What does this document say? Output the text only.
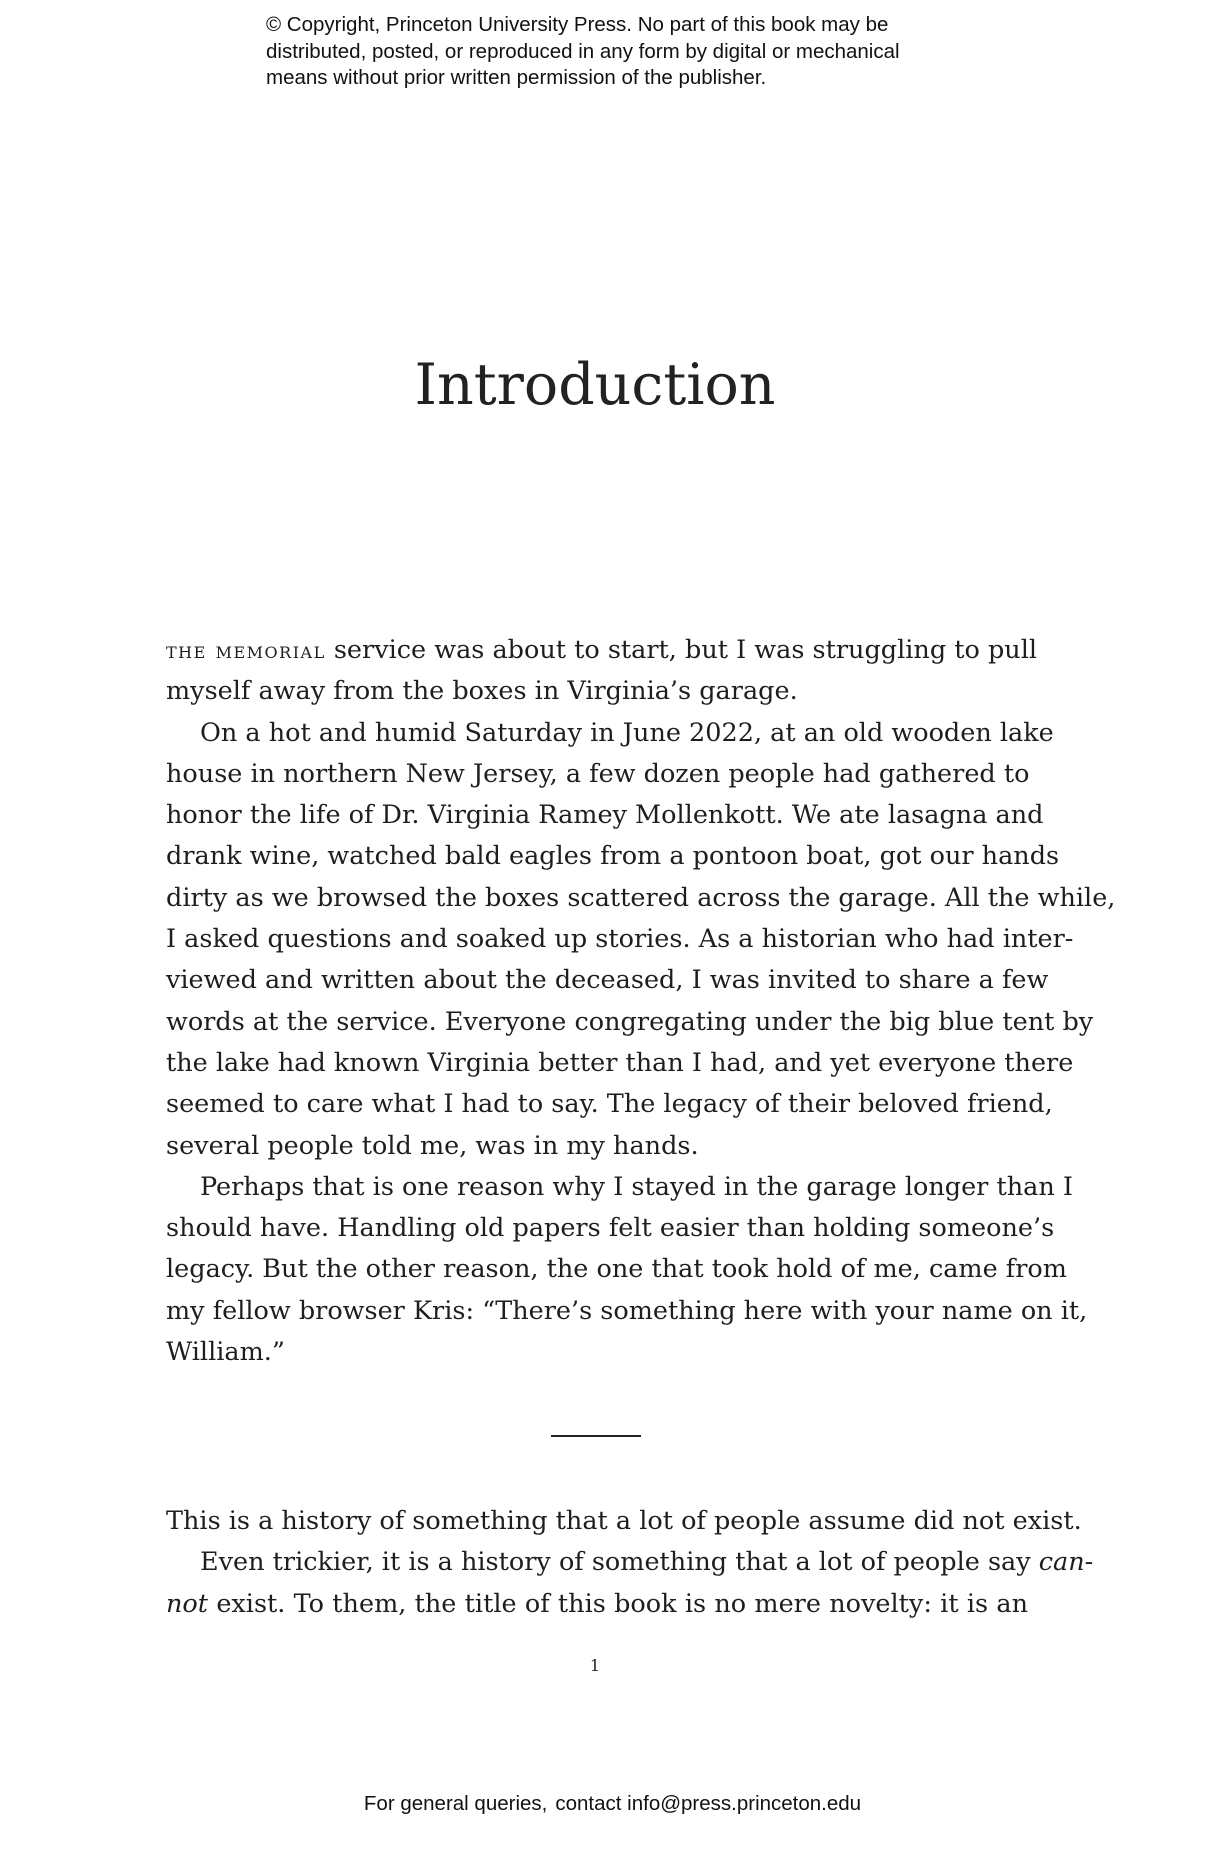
© Copyright, Princeton University Press. No part of this book may be
distributed, posted, or reproduced in any form by digital or mechanical
means without prior written permission of the publisher.
Introduction
the memorial service was about to start, but I was struggling to pull
myself away from the boxes in Virginia’s garage.
On a hot and humid Saturday in June 2022, at an old wooden lake
house in northern New Jersey, a few dozen people had gathered to
honor the life of Dr. Virginia Ramey Mollenkott. We ate lasagna and
drank wine, watched bald eagles from a pontoon boat, got our hands
dirty as we browsed the boxes scattered across the garage. All the while,
I asked questions and soaked up stories. As a historian who had inter-
viewed and written about the deceased, I was invited to share a few
words at the service. Everyone congregating under the big blue tent by
the lake had known Virginia better than I had, and yet everyone there
seemed to care what I had to say. The legacy of their beloved friend,
several people told me, was in my hands.
Perhaps that is one reason why I stayed in the garage longer than I
should have. Handling old papers felt easier than holding someone’s
legacy. But the other reason, the one that took hold of me, came from
my fellow browser Kris: “There’s something here with your name on it,
William.”
This is a history of something that a lot of people assume did not exist.
Even trickier, it is a history of something that a lot of people say can-
not exist. To them, the title of this book is no mere novelty: it is an
1
For general queries, contact info@press.princeton.edu
